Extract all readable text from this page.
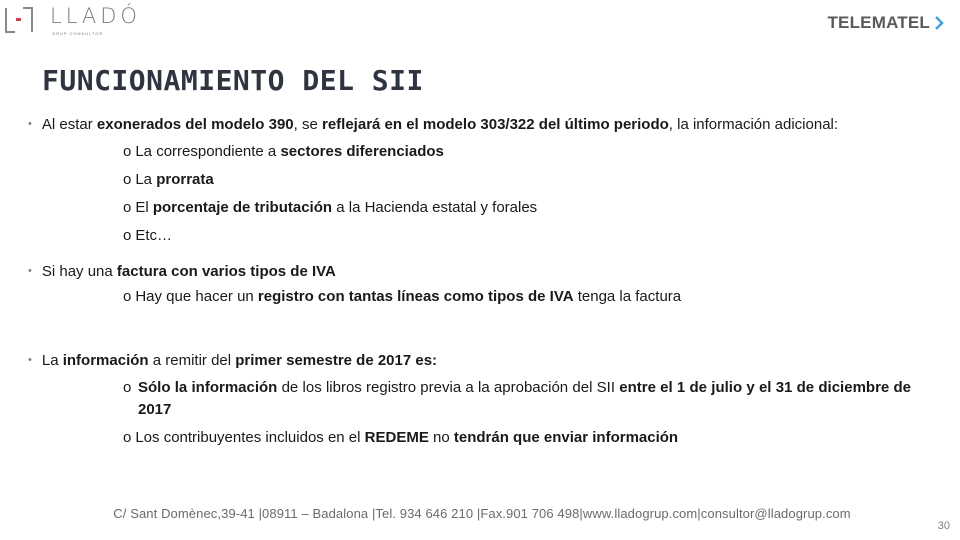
LLADÓ
GRUP CONSULTOR
TELEMATEL
FUNCIONAMIENTO DEL SII
• Al estar exonerados del modelo 390, se reflejará en el modelo 303/322 del último periodo, la información adicional:
o La correspondiente a sectores diferenciados
o La prorrata
o El porcentaje de tributación a la Hacienda estatal y forales
o Etc…
• Si hay una factura con varios tipos de IVA
o Hay que hacer un registro con tantas líneas como tipos de IVA tenga la factura
• La información a remitir del primer semestre de 2017 es:
o Sólo la información de los libros registro previa a la aprobación del SII entre el 1 de julio y el 31 de diciembre de 2017
o Los contribuyentes incluidos en el REDEME no tendrán que enviar información
C/ Sant Domènec,39-41 |08911 – Badalona |Tel. 934 646 210 |Fax.901 706 498|www.lladogrup.com|consultor@lladogrup.com
30
